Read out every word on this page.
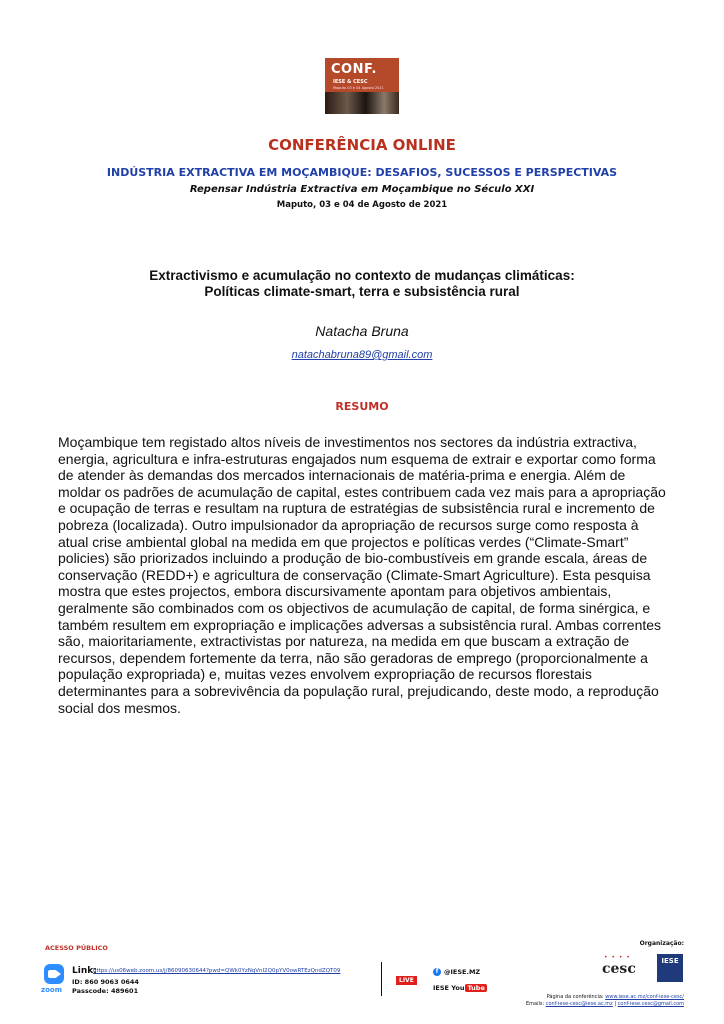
CONF.
IESE & CESC
Maputo 03 e 04 Agosto 2021
CONFERÊNCIA ONLINE
INDÚSTRIA EXTRACTIVA EM MOÇAMBIQUE: DESAFIOS, SUCESSOS E PERSPECTIVAS
Repensar Indústria Extractiva em Moçambique no Século XXI
Maputo, 03 e 04 de Agosto de 2021
Extractivismo e acumulação no contexto de mudanças climáticas:
Políticas climate-smart, terra e subsistência rural
Natacha Bruna
natachabruna89@gmail.com
RESUMO
Moçambique tem registado altos níveis de investimentos nos sectores da indústria extractiva, energia, agricultura e infra-estruturas engajados num esquema de extrair e exportar como forma de atender às demandas dos mercados internacionais de matéria-prima e energia. Além de moldar os padrões de acumulação de capital, estes contribuem cada vez mais para a apropriação e ocupação de terras e resultam na ruptura de estratégias de subsistência rural e incremento de pobreza (localizada). Outro impulsionador da apropriação de recursos surge como resposta à atual crise ambiental global na medida em que projectos e políticas verdes (“Climate-Smart” policies) são priorizados incluindo a produção de bio-combustíveis em grande escala, áreas de conservação (REDD+) e agricultura de conservação (Climate-Smart Agriculture). Esta pesquisa mostra que estes projectos, embora discursivamente apontam para objetivos ambientais, geralmente são combinados com os objectivos de acumulação de capital, de forma sinérgica, e também resultem em expropriação e implicações adversas a subsistência rural. Ambas correntes são, maioritariamente, extractivistas por natureza, na medida em que buscam a extração de recursos, dependem fortemente da terra, não são geradoras de emprego (proporcionalmente a população expropriada) e, muitas vezes envolvem expropriação de recursos florestais determinantes para a sobrevivência da população rural, prejudicando, deste modo, a reprodução social dos mesmos.
ACESSO PÚBLICO
zoom
Link:
https://us06web.zoom.us/j/86090630644?pwd=QWk0YzNqVnI2Q0pYV0owRTEzQndZQT09
ID: 860 9063 0644
Passcode: 489601
LIVE
f @IESE.MZ
IESE You Tube
Organização:
• • • •
cesc	IESE
Página da conferência: www.iese.ac.mz/conf-iese-cesc/
Emails: conf-iese-cesc@iese.ac.mz | conf-iese.cesc@gmail.com
